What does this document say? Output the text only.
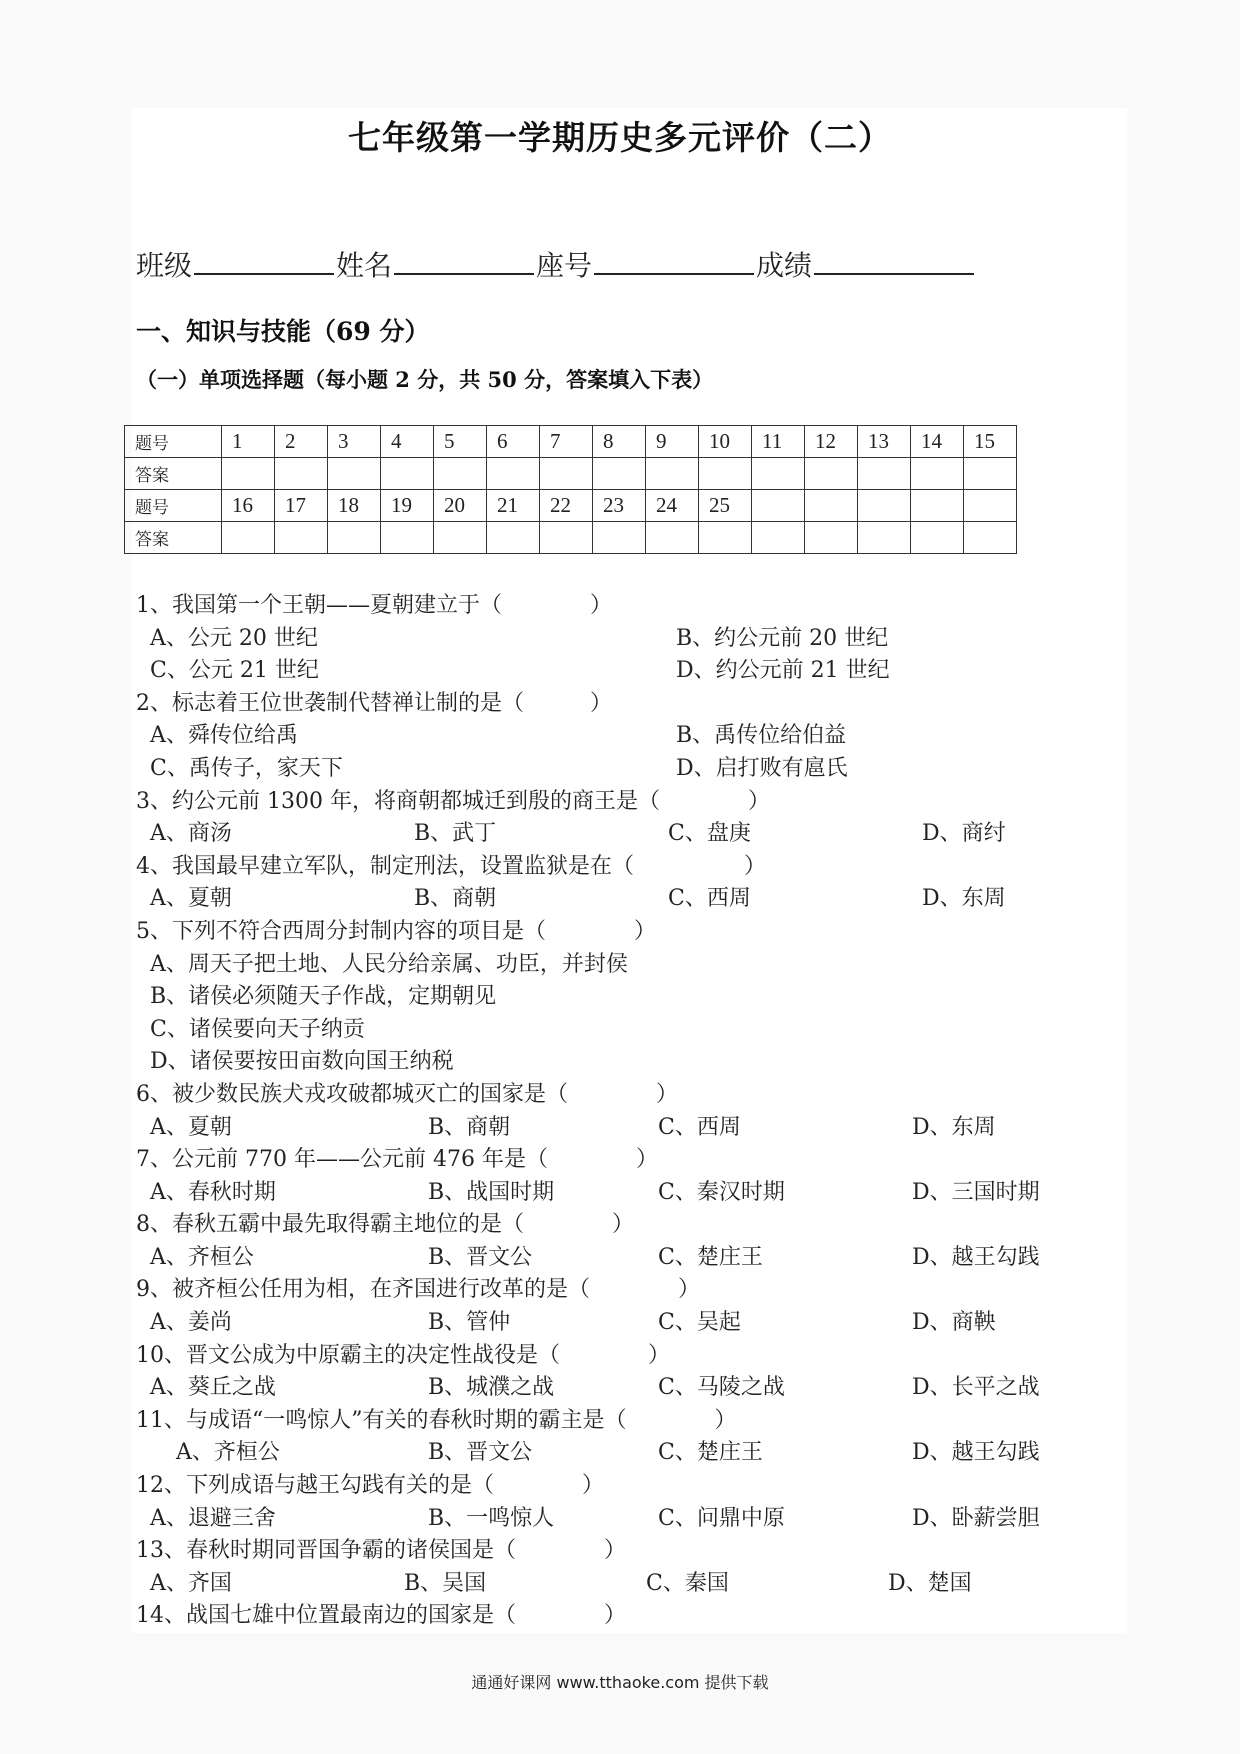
七年级第一学期历史多元评价（二）
班级	姓名	座号	成绩
一、知识与技能（69 分）
（一）单项选择题（每小题 2 分，共 50 分，答案填入下表）
题号	1	2	3	4	5	6	7	8	9	10	11	12	13	14	15
答案															
题号	16	17	18	19	20	21	22	23	24	25					
答案															
1、我国第一个王朝——夏朝建立于（　　　　）
A、公元 20 世纪	B、约公元前 20 世纪
C、公元 21 世纪	D、约公元前 21 世纪
2、标志着王位世袭制代替禅让制的是（　　　）
A、舜传位给禹	B、禹传位给伯益
C、禹传子，家天下	D、启打败有扈氏
3、约公元前 1300 年，将商朝都城迁到殷的商王是（　　　　）
A、商汤	B、武丁	C、盘庚	D、商纣
4、我国最早建立军队，制定刑法，设置监狱是在（　　　　　）
A、夏朝	B、商朝	C、西周	D、东周
5、下列不符合西周分封制内容的项目是（　　　　）
A、周天子把土地、人民分给亲属、功臣，并封侯
B、诸侯必须随天子作战，定期朝见
C、诸侯要向天子纳贡
D、诸侯要按田亩数向国王纳税
6、被少数民族犬戎攻破都城灭亡的国家是（　　　　）
A、夏朝	B、商朝	C、西周	D、东周
7、公元前 770 年——公元前 476 年是（　　　　）
A、春秋时期	B、战国时期	C、秦汉时期	D、三国时期
8、春秋五霸中最先取得霸主地位的是（　　　　）
A、齐桓公	B、晋文公	C、楚庄王	D、越王勾践
9、被齐桓公任用为相，在齐国进行改革的是（　　　　）
A、姜尚	B、管仲	C、吴起	D、商鞅
10、晋文公成为中原霸主的决定性战役是（　　　　）
A、葵丘之战	B、城濮之战	C、马陵之战	D、长平之战
11、与成语“一鸣惊人”有关的春秋时期的霸主是（　　　　）
A、齐桓公	B、晋文公	C、楚庄王	D、越王勾践
12、下列成语与越王勾践有关的是（　　　　）
A、退避三舍	B、一鸣惊人	C、问鼎中原	D、卧薪尝胆
13、春秋时期同晋国争霸的诸侯国是（　　　　）
A、齐国	B、吴国	C、秦国	D、楚国
14、战国七雄中位置最南边的国家是（　　　　）
通通好课网 www.tthaoke.com 提供下载
